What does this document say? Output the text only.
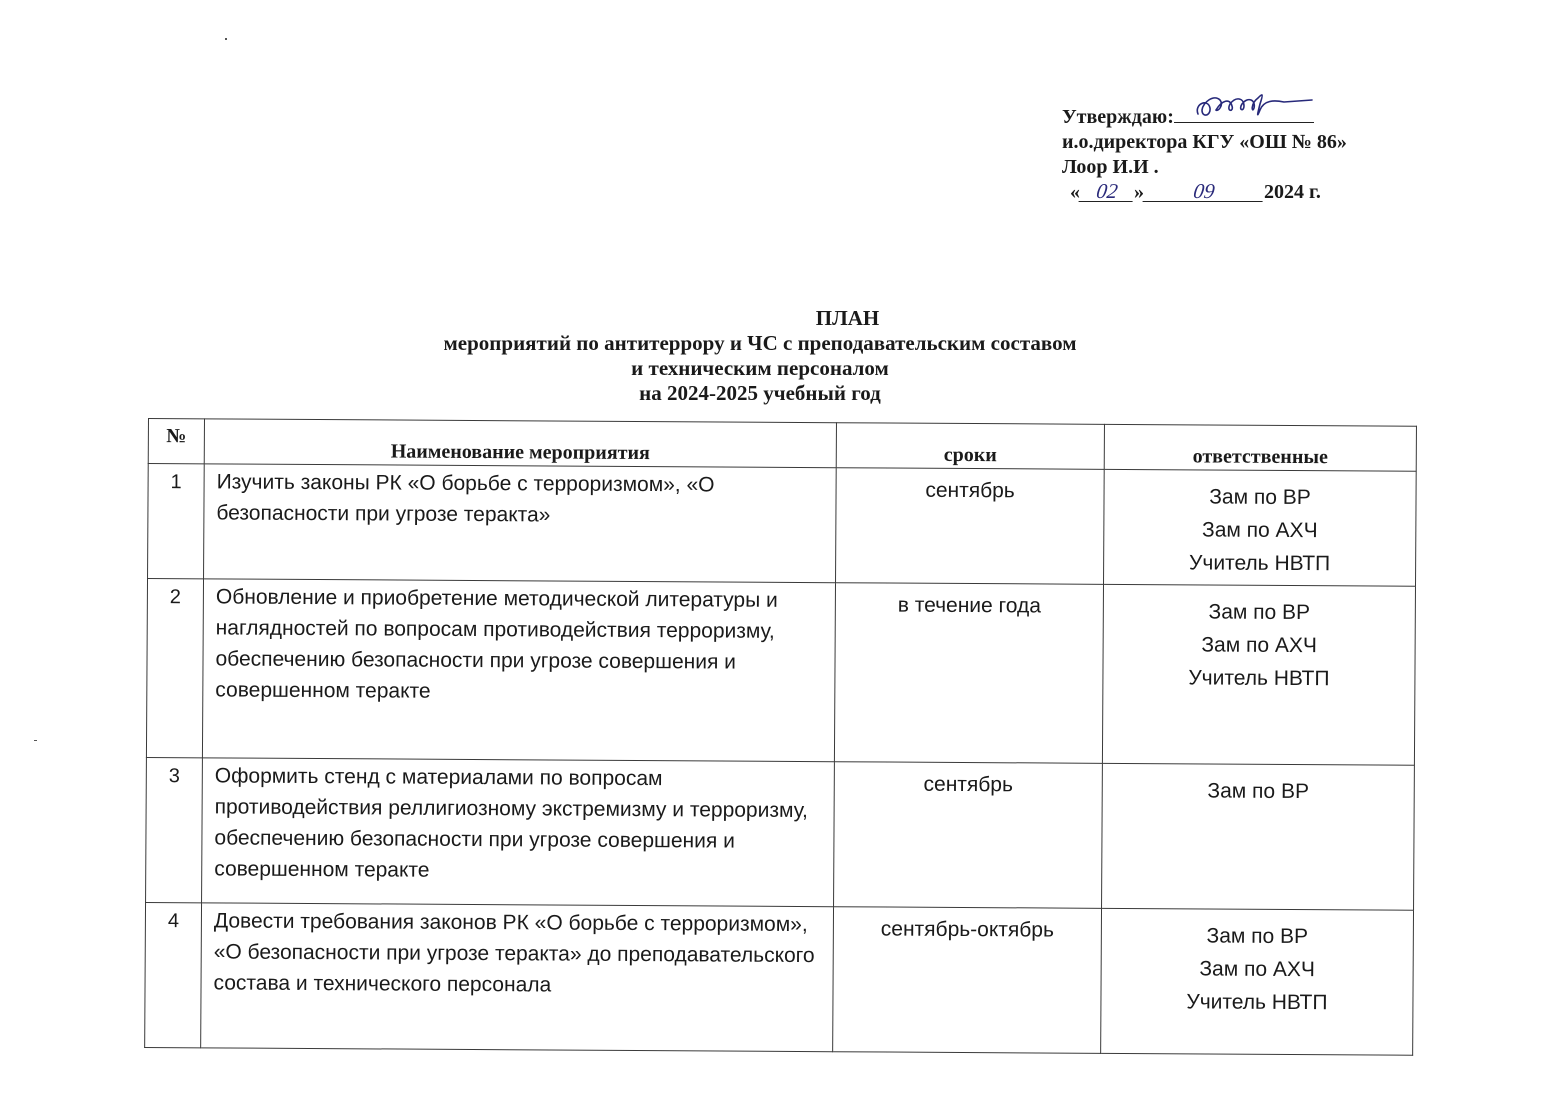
Утверждаю:
и.о.директора КГУ «ОШ № 86»
Лоор И.И .
« 02 » 09 2024 г.
ПЛАН
мероприятий по антитеррору и ЧС с преподавательским составом
и техническим персоналом
на 2024-2025 учебный год
№	Наименование мероприятия	сроки	ответственные
1	Изучить законы РК «О борьбе с терроризмом», «О безопасности при угрозе теракта»	сентябрь	Зам по ВР
Зам по АХЧ
Учитель НВТП

2	Обновление и приобретение методической литературы и наглядностей по вопросам противодействия терроризму, обеспечению безопасности при угрозе совершения и совершенном теракте	в течение года	Зам по ВР
Зам по АХЧ
Учитель НВТП

3	Оформить стенд с материалами по вопросам противодействия реллигиозному экстремизму и терроризму, обеспечению безопасности при угрозе совершения и совершенном теракте	сентябрь	Зам по ВР

4	Довести требования законов РК «О борьбе с терроризмом», «О безопасности при угрозе теракта» до преподавательского состава и технического персонала	сентябрь-октябрь	Зам по ВР
Зам по АХЧ
Учитель НВТП
